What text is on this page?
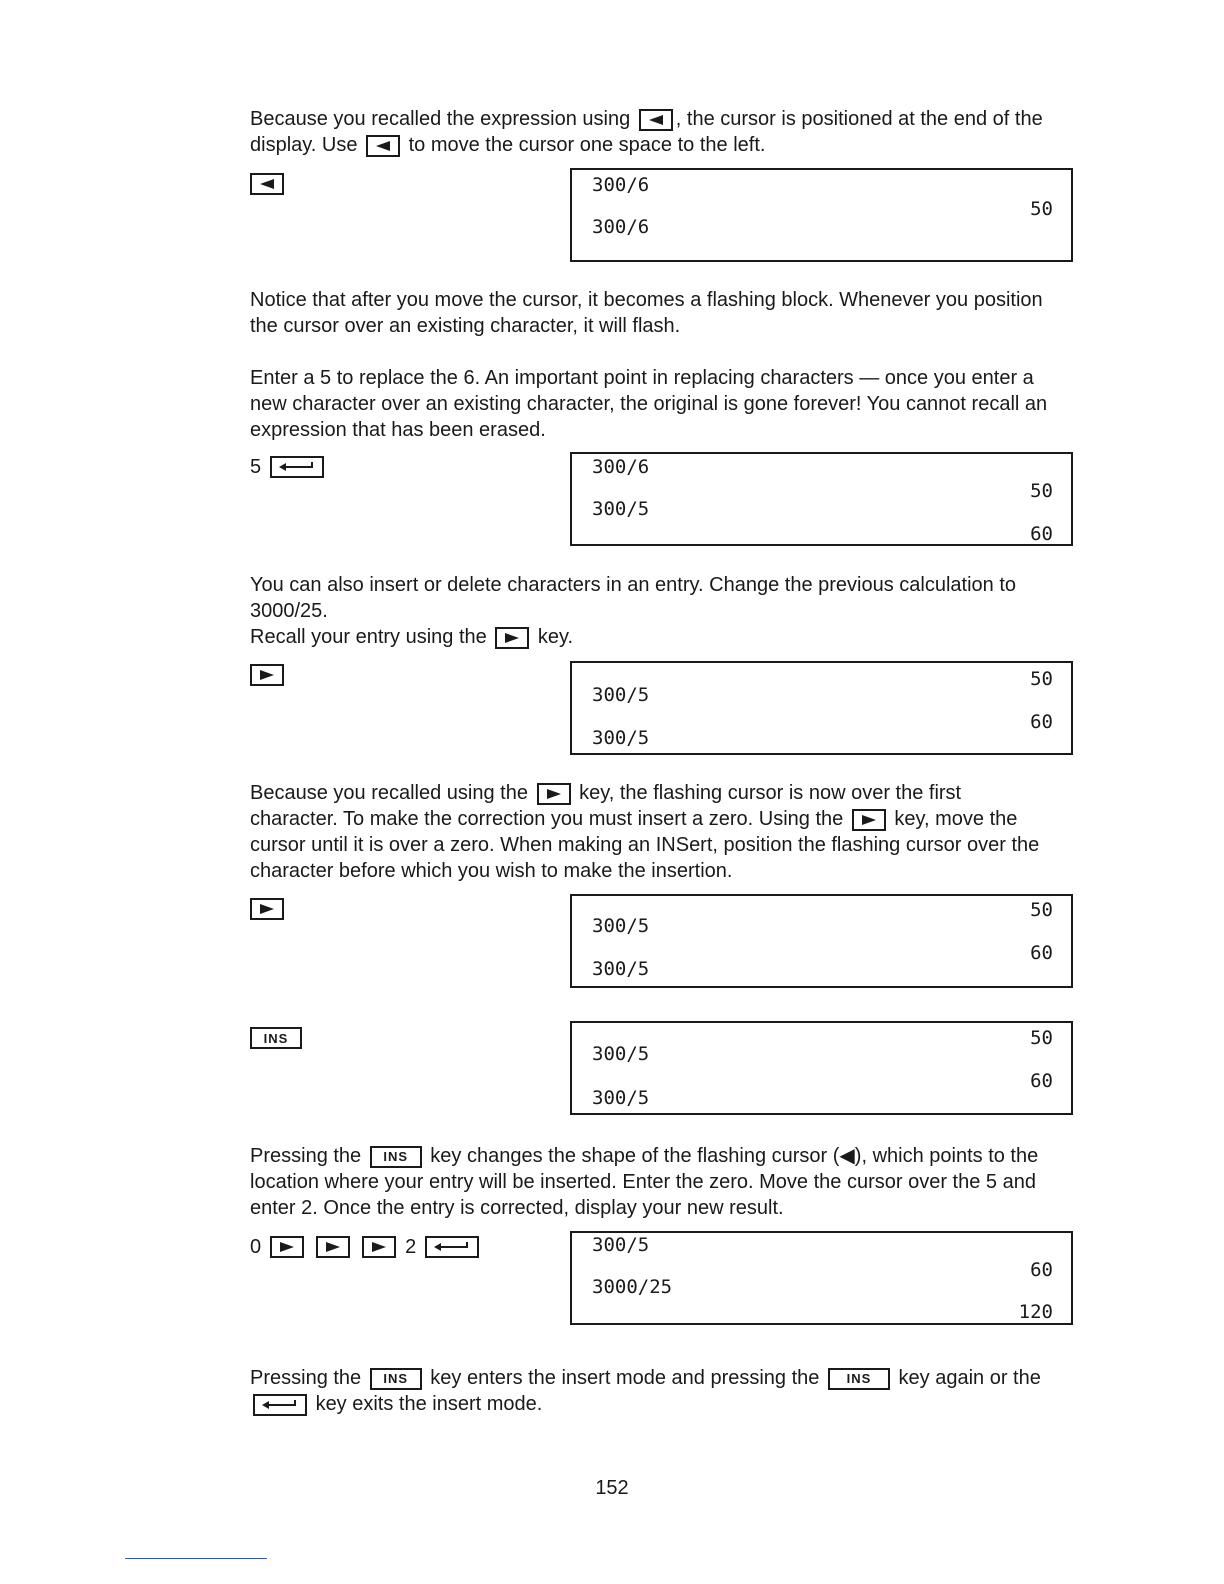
Because you recalled the expression using , the cursor is positioned at the end of the display. Use	to move the cursor one space to the left.

300/6
50
300/6

Notice that after you move the cursor, it becomes a flashing block. Whenever you position the cursor over an existing character, it will flash.

Enter a 5 to replace the 6. An important point in replacing characters — once you enter a new character over an existing character, the original is gone forever! You cannot recall an expression that has been erased.

5	300/6
50
300/5
60

You can also insert or delete characters in an entry. Change the previous calculation to 3000/25.
Recall your entry using the	key.

50
300/5
60
300/5

Because you recalled using the	key, the flashing cursor is now over the first character. To make the correction you must insert a zero. Using the	key, move the cursor until it is over a zero. When making an INSert, position the flashing cursor over the character before which you wish to make the insertion.

50
300/5
60
300/5
INS	50
300/5
60
300/5

Pressing the INS key changes the shape of the flashing cursor (◀), which points to the location where your entry will be inserted. Enter the zero. Move the cursor over the 5 and enter 2. Once the entry is corrected, display your new result.

0	2	300/5
60
3000/25
120

Pressing the INS key enters the insert mode and pressing the INS key again or the
key exits the insert mode.

152
